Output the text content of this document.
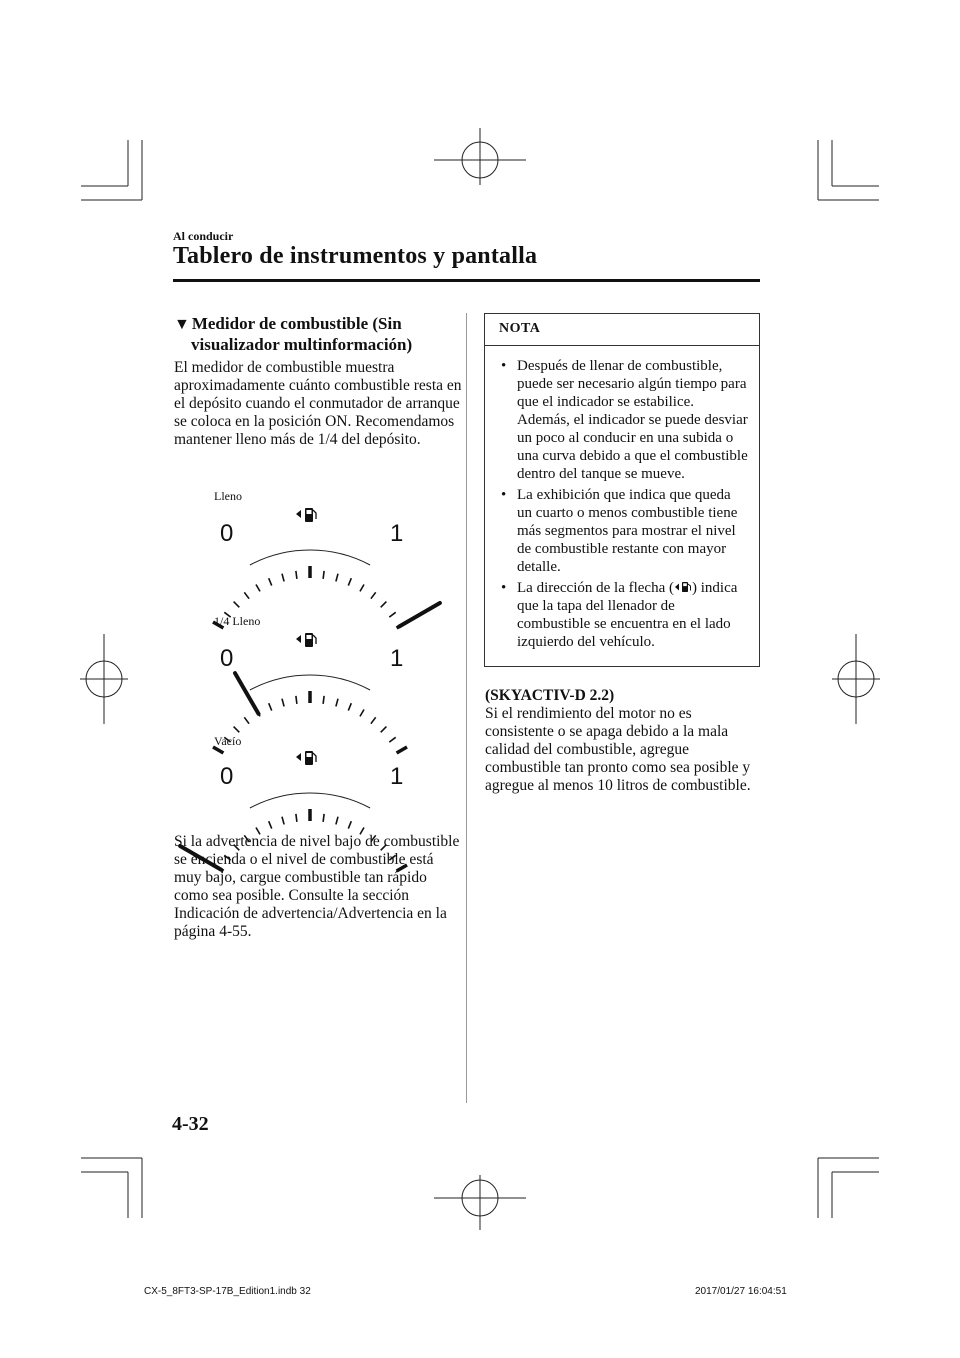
Al conducir
Tablero de instrumentos y pantalla
▼ Medidor de combustible (Sin
visualizador multinformación)
El medidor de combustible muestra aproximadamente cuánto combustible resta en el depósito cuando el conmutador de arranque se coloca en la posición ON. Recomendamos mantener lleno más de 1/4 del depósito.
Lleno
0	1
1/4 Lleno
0	1
Vacío
0	1
Si la advertencia de nivel bajo de combustible se encienda o el nivel de combustible está muy bajo, cargue combustible tan rápido como sea posible. Consulte la sección Indicación de advertencia/Advertencia en la página 4-55.
NOTA
• Después de llenar de combustible, puede ser necesario algún tiempo para que el indicador se estabilice. Además, el indicador se puede desviar un poco al conducir en una subida o una curva debido a que el combustible dentro del tanque se mueve.
• La exhibición que indica que queda un cuarto o menos combustible tiene más segmentos para mostrar el nivel de combustible restante con mayor detalle.
• La dirección de la flecha ( ) indica que la tapa del llenador de combustible se encuentra en el lado izquierdo del vehículo.
(SKYACTIV-D 2.2)
Si el rendimiento del motor no es consistente o se apaga debido a la mala calidad del combustible, agregue combustible tan pronto como sea posible y agregue al menos 10 litros de combustible.
4-32
CX-5_8FT3-SP-17B_Edition1.indb 32	2017/01/27 16:04:51
